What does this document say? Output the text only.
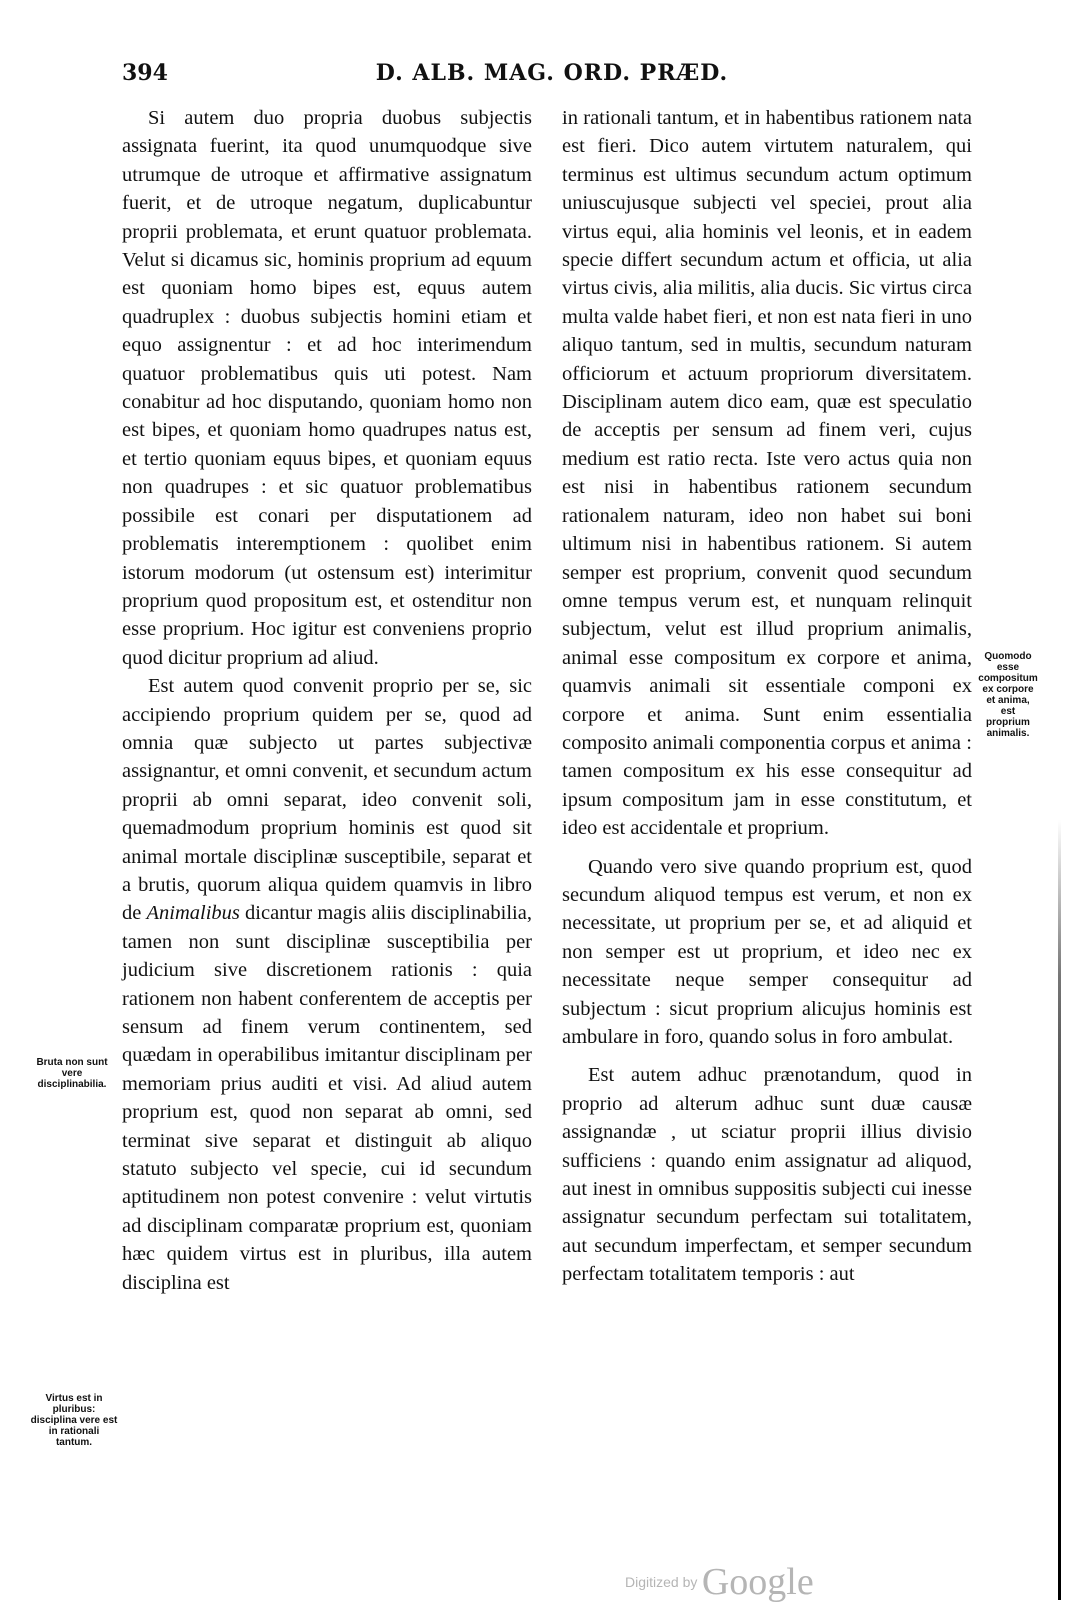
394	D. ALB. MAG. ORD. PRÆD.

Si autem duo propria duobus subjectis assignata fuerint, ita quod unumquodque sive utrumque de utroque et affirmative assignatum fuerit, et de utroque negatum, duplicabuntur proprii problemata, et erunt quatuor problemata. Velut si dicamus sic, hominis proprium ad equum est quoniam homo bipes est, equus autem quadruplex : duobus subjectis homini etiam et equo assignentur : et ad hoc interimendum quatuor problematibus quis uti potest. Nam conabitur ad hoc disputando, quoniam homo non est bipes, et quoniam homo quadrupes natus est, et tertio quoniam equus bipes, et quoniam equus non quadrupes : et sic quatuor problematibus possibile est conari per disputationem ad problematis interemptionem : quolibet enim istorum modorum (ut ostensum est) interimitur proprium quod propositum est, et ostenditur non esse proprium. Hoc igitur est conveniens proprio quod dicitur proprium ad aliud.

Est autem quod convenit proprio per se, sic accipiendo proprium quidem per se, quod ad omnia quæ subjecto ut partes subjectivæ assignantur, et omni convenit, et secundum actum proprii ab omni separat, ideo convenit soli, quemadmodum proprium hominis est quod sit animal mortale disciplinæ susceptibile, separat et a brutis, quorum aliqua quidem quamvis in libro de Animalibus dicantur magis aliis disciplinabilia, tamen non sunt disciplinæ susceptibilia per judicium sive discretionem rationis : quia rationem non habent conferentem de acceptis per sensum ad finem verum continentem, sed quædam in operabilibus imitantur disciplinam per memoriam prius auditi et visi. Ad aliud autem proprium est, quod non separat ab omni, sed terminat sive separat et distinguit ab aliquo statuto subjecto vel specie, cui id secundum aptitudinem non potest convenire : velut virtutis ad disciplinam comparatæ proprium est, quoniam hæc quidem virtus est in pluribus, illa autem disciplina est

in rationali tantum, et in habentibus rationem nata est fieri. Dico autem virtutem naturalem, qui terminus est ultimus secundum actum optimum uniuscujusque subjecti vel speciei, prout alia virtus equi, alia hominis vel leonis, et in eadem specie differt secundum actum et officia, ut alia virtus civis, alia militis, alia ducis. Sic virtus circa multa valde habet fieri, et non est nata fieri in uno aliquo tantum, sed in multis, secundum naturam officiorum et actuum propriorum diversitatem. Disciplinam autem dico eam, quæ est speculatio de acceptis per sensum ad finem veri, cujus medium est ratio recta. Iste vero actus quia non est nisi in habentibus rationem secundum rationalem naturam, ideo non habet sui boni ultimum nisi in habentibus rationem. Si autem semper est proprium, convenit quod secundum omne tempus verum est, et nunquam relinquit subjectum, velut est illud proprium animalis, animal esse compositum ex corpore et anima, quamvis animali sit essentiale componi ex corpore et anima. Sunt enim essentialia composito animali componentia corpus et anima : tamen compositum ex his esse consequitur ad ipsum compositum jam in esse constitutum, et ideo est accidentale et proprium.

Quando vero sive quando proprium est, quod secundum aliquod tempus est verum, et non ex necessitate, ut proprium per se, et ad aliquid et non semper est ut proprium, et ideo nec ex necessitate neque semper consequitur ad subjectum : sicut proprium alicujus hominis est ambulare in foro, quando solus in foro ambulat.

Est autem adhuc prænotandum, quod in proprio ad alterum adhuc sunt duæ causæ assignandæ , ut sciatur proprii illius divisio sufficiens : quando enim assignatur ad aliquod, aut inest in omnibus suppositis subjecti cui inesse assignatur secundum perfectam sui totalitatem, aut secundum imperfectam, et semper secundum perfectam totalitatem temporis : aut

Bruta non sunt vere disciplinabilia.
Virtus est in pluribus: disciplina vere est in rationali tantum.
Quomodo esse compositum ex corpore et anima, est proprium animalis.
Digitized by Google
